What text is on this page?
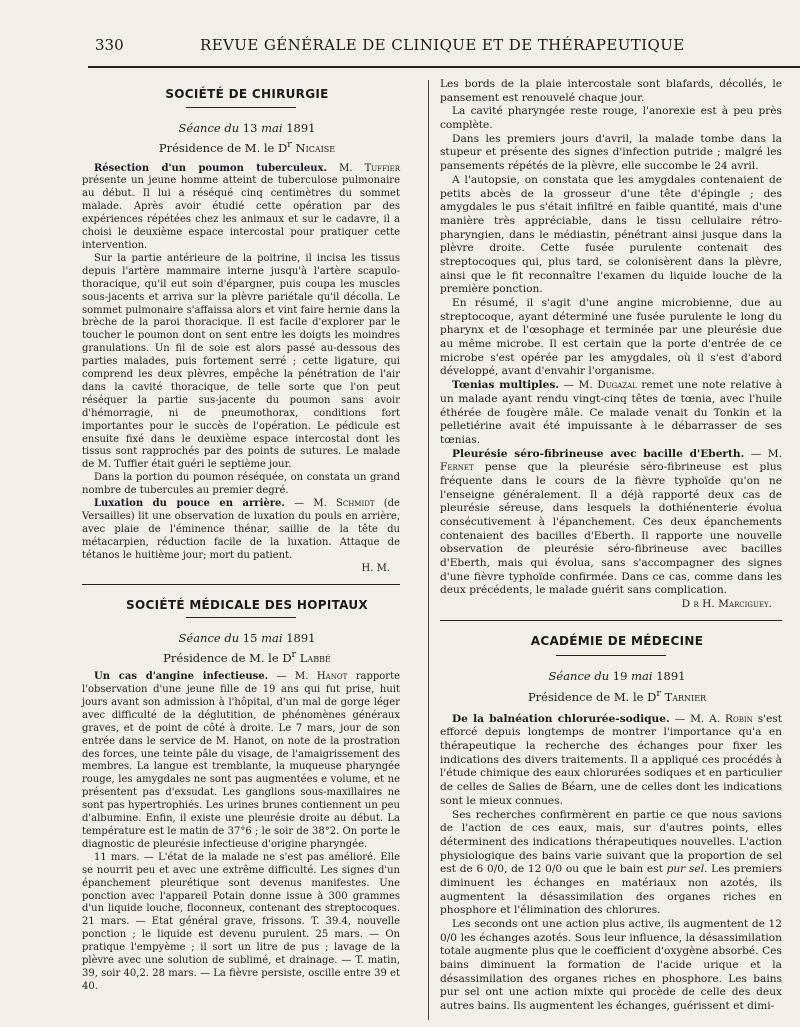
330	REVUE GÉNÉRALE DE CLINIQUE ET DE THÉRAPEUTIQUE

SOCIÉTÉ DE CHIRURGIE

Séance du 13 mai 1891

Présidence de M. le $D^r$ Nicaise

Résection d'un poumon tuberculeux. M. Tuffier présente un jeune homme atteint de tuberculose pulmonaire au début. Il lui a réséqué cinq centimètres du sommet malade. Après avoir étudié cette opération par des expériences répétées chez les animaux et sur le cadavre, il a choisi le deuxième espace intercostal pour pratiquer cette intervention.

Sur la partie antérieure de la poitrine, il incisa les tissus depuis l'artère mammaire interne jusqu'à l'artère scapulo-thoracique, qu'il eut soin d'épargner, puis coupa les muscles sous-jacents et arriva sur la plèvre pariétale qu'il décolla. Le sommet pulmonaire s'affaissa alors et vint faire hernie dans la brèche de la paroi thoracique. Il est facile d'explorer par le toucher le poumon dont on sent entre les doigts les moindres granulations. Un fil de soie est alors passé au-dessous des parties malades, puis fortement serré ; cette ligature, qui comprend les deux plèvres, empêche la pénétration de l'air dans la cavité thoracique, de telle sorte que l'on peut réséquer la partie sus-jacente du poumon sans avoir d'hémorragie, ni de pneumothorax, conditions fort importantes pour le succès de l'opération. Le pédicule est ensuite fixé dans le deuxième espace intercostal dont les tissus sont rapprochés par des points de sutures. Le malade de M. Tuffier était guéri le septième jour.

Dans la portion du poumon réséquée, on constata un grand nombre de tubercules au premier degré.

Luxation du pouce en arrière. — M. Schmidt (de Versailles) lit une observation de luxation du pouls en arrière, avec plaie de l'éminence thénar, saillie de la tête du métacarpien, réduction facile de la luxation. Attaque de tétanos le huitième jour; mort du patient.

H. M.

SOCIÉTÉ MÉDICALE DES HOPITAUX

Séance du 15 mai 1891

Présidence de M. le $D^r$ Labbé

Un cas d'angine infectieuse. — M. Hanot rapporte l'observation d'une jeune fille de 19 ans qui fut prise, huit jours avant son admission à l'hôpital, d'un mal de gorge léger avec difficulté de la déglutition, de phénomènes généraux graves, et de point de côté à droite. Le 7 mars, jour de son entrée dans le service de M. Hanot, on note de la prostration des forces, une teinte pâle du visage, de l'amaigrissement des membres. La langue est tremblante, la muqueuse pharyngée rouge, les amygdales ne sont pas augmentées e volume, et ne présentent pas d'exsudat. Les ganglions sous-maxillaires ne sont pas hypertrophiés. Les urines brunes contiennent un peu d'albumine. Enfin, il existe une pleurésie droite au début. La température est le matin de 37°6 ; le soir de 38°2. On porte le diagnostic de pleurésie infectieuse d'origine pharyngée.

11 mars. — L'état de la malade ne s'est pas amélioré. Elle se nourrit peu et avec une extrême difficulté. Les signes d'un épanchement pleurétique sont devenus manifestes. Une ponction avec l'appareil Potain donne issue à 300 grammes d'un liquide louche, floconneux, contenant des streptocoques. 21 mars. — Etat général grave, frissons. T. 39.4, nouvelle ponction ; le liquide est devenu purulent. 25 mars. — On pratique l'empyème ; il sort un litre de pus ; lavage de la plèvre avec une solution de sublimé, et drainage. — T. matin, 39, soir 40,2. 28 mars. — La fièvre persiste, oscille entre 39 et 40.

Les bords de la plaie intercostale sont blafards, décollés, le pansement est renouvelé chaque jour.

La cavité pharyngée reste rouge, l'anorexie est à peu près complète.

Dans les premiers jours d'avril, la malade tombe dans la stupeur et présente des signes d'infection putride ; malgré les pansements répétés de la plèvre, elle succombe le 24 avril.

A l'autopsie, on constata que les amygdales contenaient de petits abcès de la grosseur d'une tête d'épingle ; des amygdales le pus s'était infiltré en faible quantité, mais d'une manière très appréciable, dans le tissu cellulaire rétro-pharyngien, dans le médiastin, pénétrant ainsi jusque dans la plèvre droite. Cette fusée purulente contenait des streptocoques qui, plus tard, se colonisèrent dans la plèvre, ainsi que le fit reconnaître l'examen du liquide louche de la première ponction.

En résumé, il s'agit d'une angine microbienne, due au streptocoque, ayant déterminé une fusée purulente le long du pharynx et de l'œsophage et terminée par une pleurésie due au même microbe. Il est certain que la porte d'entrée de ce microbe s'est opérée par les amygdales, où il s'est d'abord développé, avant d'envahir l'organisme.

Tœnias multiples. — M. Dugazal remet une note relative à un malade ayant rendu vingt-cinq têtes de tœnia, avec l'huile éthérée de fougère mâle. Ce malade venait du Tonkin et la pelletiérine avait été impuissante à le débarrasser de ses tœnias.

Pleurésie séro-fibrineuse avec bacille d'Eberth. — M. Fernet pense que la pleurésie séro-fibrineuse est plus fréquente dans le cours de la fièvre typhoïde qu'on ne l'enseigne généralement. Il a déjà rapporté deux cas de pleurésie séreuse, dans lesquels la dothiénenterie évolua consécutivement à l'épanchement. Ces deux épanchements contenaient des bacilles d'Eberth. Il rapporte une nouvelle observation de pleurésie séro-fibrineuse avec bacilles d'Eberth, mais qui évolua, sans s'accompagner des signes d'une fièvre typhoïde confirmée. Dans ce cas, comme dans les deux précédents, le malade guérit sans complication.

D r H. Marciguey.

ACADÉMIE DE MÉDECINE

Séance du 19 mai 1891

Présidence de M. le $D^r$ Tarnier

De la balnéation chlorurée-sodique. — M. A. Robin s'est efforcé depuis longtemps de montrer l'importance qu'a en thérapeutique la recherche des échanges pour fixer les indications des divers traitements. Il a appliqué ces procédés à l'étude chimique des eaux chlorurées sodiques et en particulier de celles de Salies de Béarn, une de celles dont les indications sont le mieux connues.

Ses recherches confirmèrent en partie ce que nous savions de l'action de ces eaux, mais, sur d'autres points, elles déterminent des indications thérapeutiques nouvelles. L'action physiologique des bains varie suivant que la proportion de sel est de 6 0/0, de 12 0/0 ou que le bain est pur sel. Les premiers diminuent les échanges en matériaux non azotés, ils augmentent la désassimilation des organes riches en phosphore et l'élimination des chlorures.

Les seconds ont une action plus active, ils augmentent de 12 0/0 les échanges azotés. Sous leur influence, la désassimilation totale augmente plus que le coefficient d'oxygène absorbé. Ces bains diminuent la formation de l'acide urique et la désassimilation des organes riches en phosphore. Les bains pur sel ont une action mixte qui procède de celle des deux autres bains. Ils augmentent les échanges, guérissent et dimi-
